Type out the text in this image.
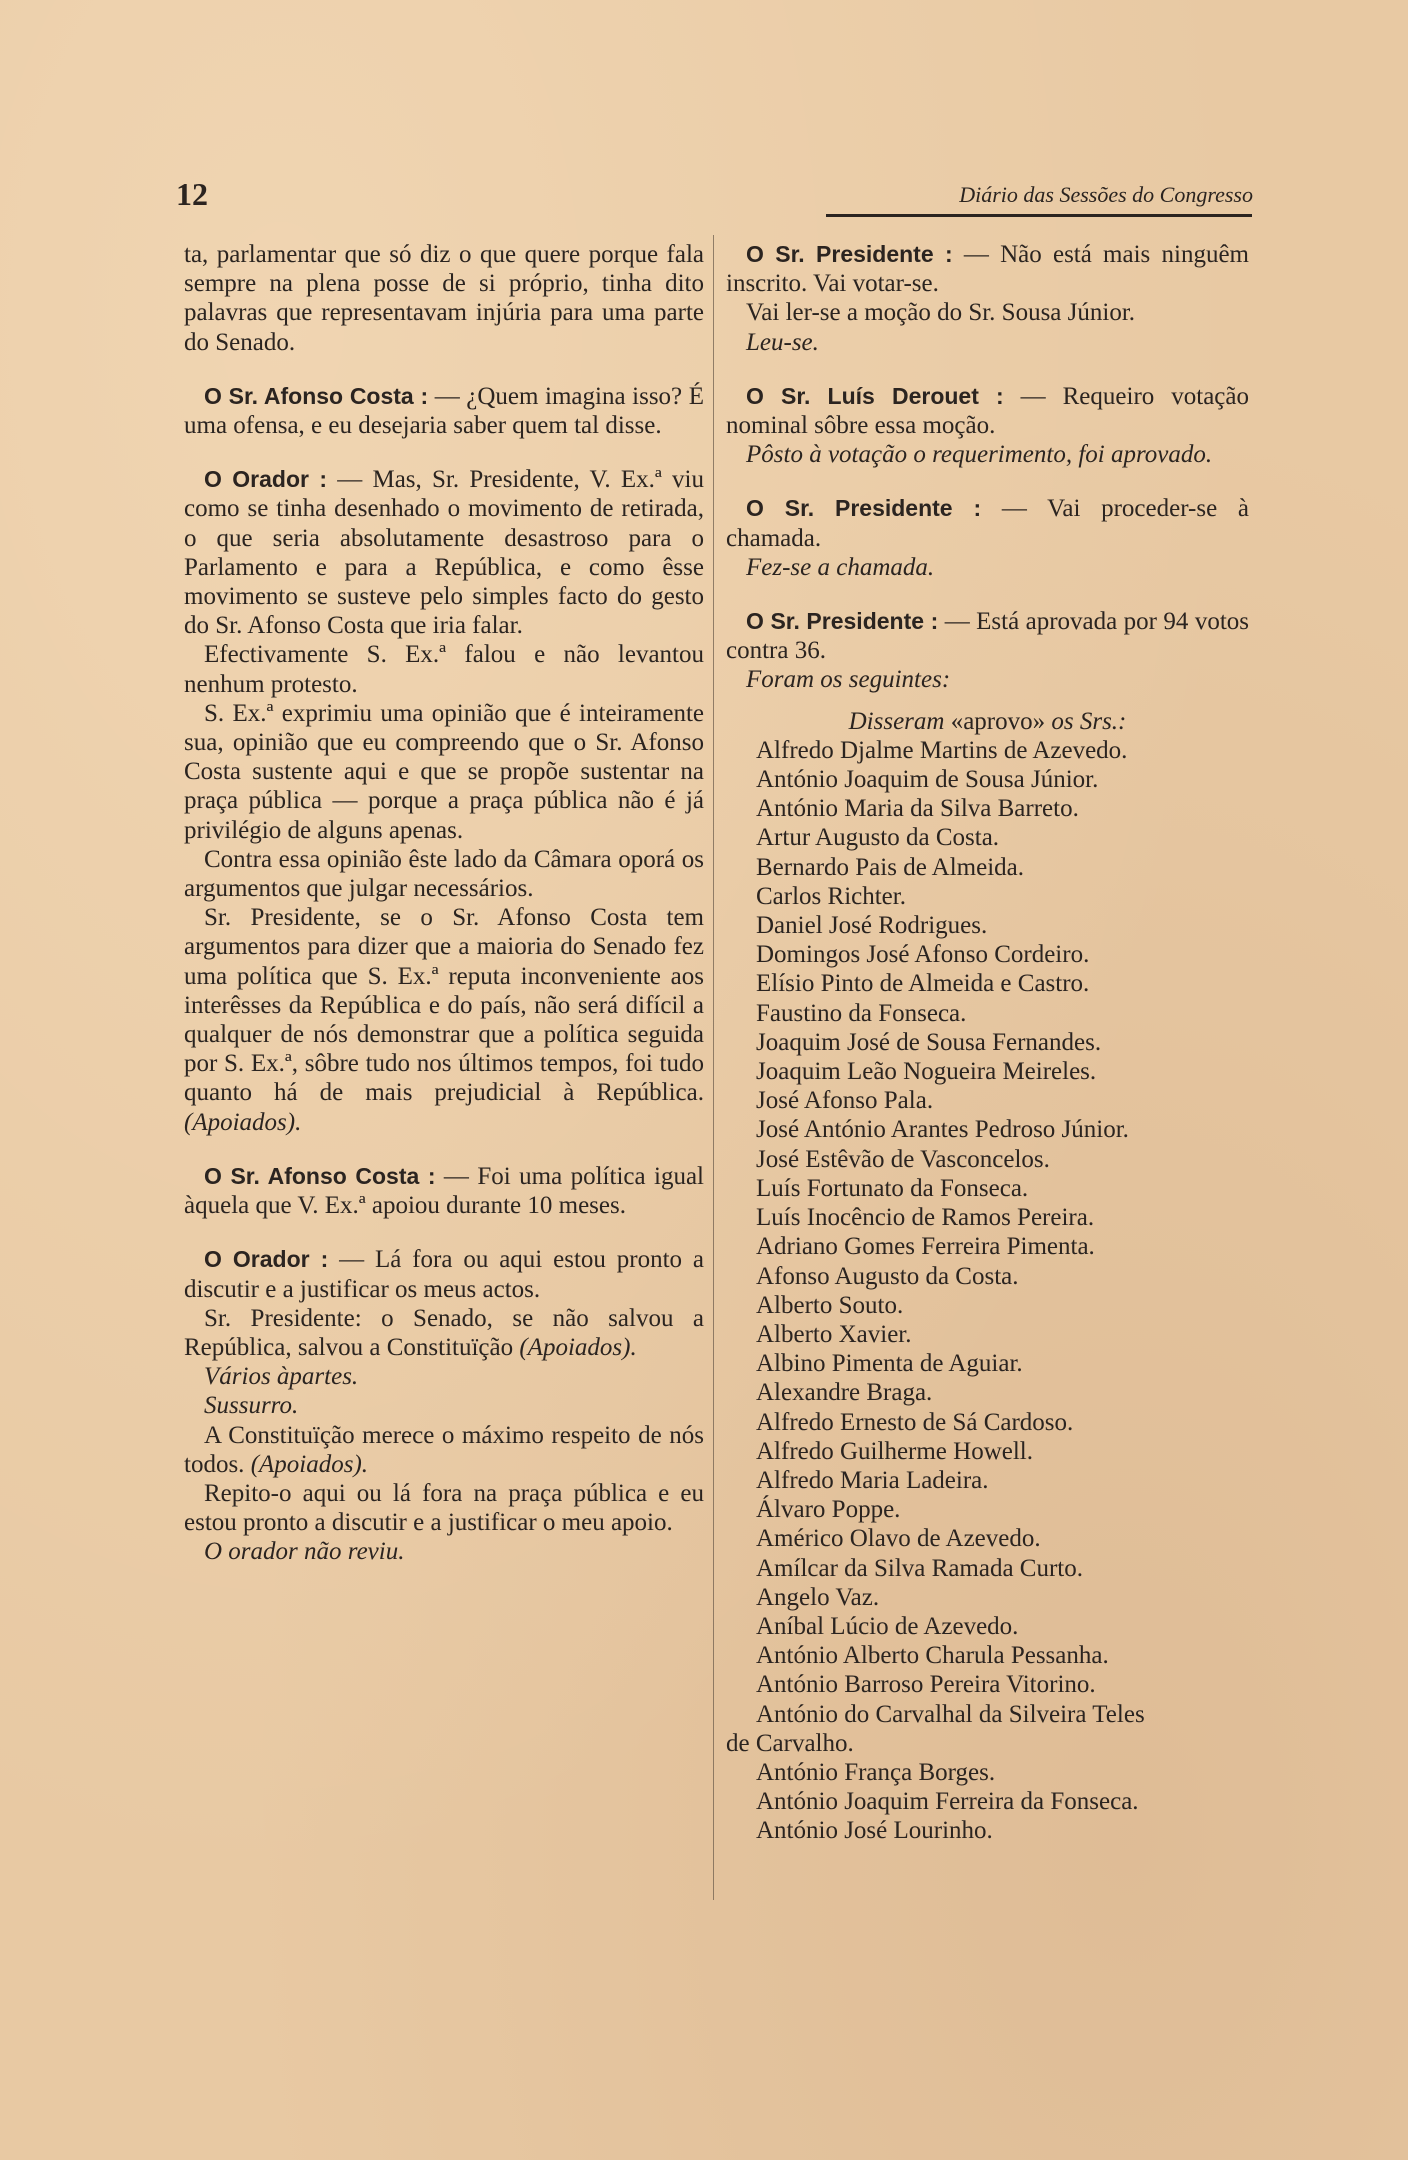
12	Diário das Sessões do Congresso

ta, parlamentar que só diz o que quere porque fala sempre na plena posse de si próprio, tinha dito palavras que representavam injúria para uma parte do Senado.

O Sr. Afonso Costa : — ¿Quem imagina isso? É uma ofensa, e eu desejaria saber quem tal disse.

O Orador : — Mas, Sr. Presidente, V. Ex.ª viu como se tinha desenhado o movimento de retirada, o que seria absolutamente desastroso para o Parlamento e para a República, e como êsse movimento se susteve pelo simples facto do gesto do Sr. Afonso Costa que iria falar.

Efectivamente S. Ex.ª falou e não levantou nenhum protesto.

S. Ex.ª exprimiu uma opinião que é inteiramente sua, opinião que eu compreendo que o Sr. Afonso Costa sustente aqui e que se propõe sustentar na praça pública — porque a praça pública não é já privilégio de alguns apenas.

Contra essa opinião êste lado da Câmara oporá os argumentos que julgar necessários.

Sr. Presidente, se o Sr. Afonso Costa tem argumentos para dizer que a maioria do Senado fez uma política que S. Ex.ª reputa inconveniente aos interêsses da República e do país, não será difícil a qualquer de nós demonstrar que a política seguida por S. Ex.ª, sôbre tudo nos últimos tempos, foi tudo quanto há de mais prejudicial à República. (Apoiados).

O Sr. Afonso Costa : — Foi uma política igual àquela que V. Ex.ª apoiou durante 10 meses.

O Orador : — Lá fora ou aqui estou pronto a discutir e a justificar os meus actos.

Sr. Presidente: o Senado, se não salvou a República, salvou a Constituïção (Apoiados).

Vários àpartes.

Sussurro.

A Constituïção merece o máximo respeito de nós todos. (Apoiados).

Repito-o aqui ou lá fora na praça pública e eu estou pronto a discutir e a justificar o meu apoio.

O orador não reviu.

O Sr. Presidente : — Não está mais ninguêm inscrito. Vai votar-se.

Vai ler-se a moção do Sr. Sousa Júnior.

Leu-se.

O Sr. Luís Derouet : — Requeiro votação nominal sôbre essa moção.

Pôsto à votação o requerimento, foi aprovado.

O Sr. Presidente : — Vai proceder-se à chamada.

Fez-se a chamada.

O Sr. Presidente : — Está aprovada por 94 votos contra 36.

Foram os seguintes:

Disseram «aprovo» os Srs.:

Alfredo Djalme Martins de Azevedo.
António Joaquim de Sousa Júnior.
António Maria da Silva Barreto.
Artur Augusto da Costa.
Bernardo Pais de Almeida.
Carlos Richter.
Daniel José Rodrigues.
Domingos José Afonso Cordeiro.
Elísio Pinto de Almeida e Castro.
Faustino da Fonseca.
Joaquim José de Sousa Fernandes.
Joaquim Leão Nogueira Meireles.
José Afonso Pala.
José António Arantes Pedroso Júnior.
José Estêvão de Vasconcelos.
Luís Fortunato da Fonseca.
Luís Inocêncio de Ramos Pereira.
Adriano Gomes Ferreira Pimenta.
Afonso Augusto da Costa.
Alberto Souto.
Alberto Xavier.
Albino Pimenta de Aguiar.
Alexandre Braga.
Alfredo Ernesto de Sá Cardoso.
Alfredo Guilherme Howell.
Alfredo Maria Ladeira.
Álvaro Poppe.
Américo Olavo de Azevedo.
Amílcar da Silva Ramada Curto.
Angelo Vaz.
Aníbal Lúcio de Azevedo.
António Alberto Charula Pessanha.
António Barroso Pereira Vitorino.
António do Carvalhal da Silveira Teles
de Carvalho.
António França Borges.
António Joaquim Ferreira da Fonseca.
António José Lourinho.
